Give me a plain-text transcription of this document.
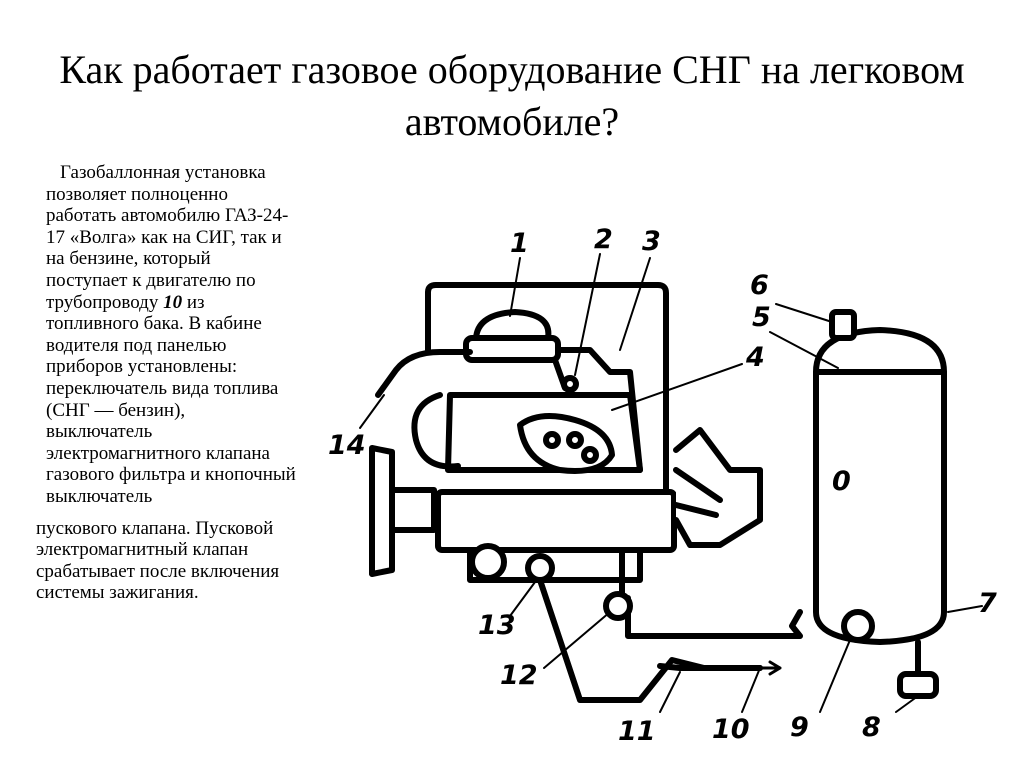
Как работает газовое оборудование СНГ на легковом автомобиле?

Газобаллонная установка позволяет полноценно работать автомобилю ГАЗ-24-17 «Волга» как на СИГ, так и на бензине, который поступает к двигателю по трубопроводу 10 из топливного бака. В кабине водителя под панелью приборов установлены: переключатель вида топлива (СНГ — бензин), выключатель электромагнитного клапана газового фильтра и кнопочный выключатель

пускового клапана. Пусковой электромагнитный клапан срабатывает после включения системы зажигания.

0
1 2 3
4
5
6
7
8
9
10
11
12
13
14
